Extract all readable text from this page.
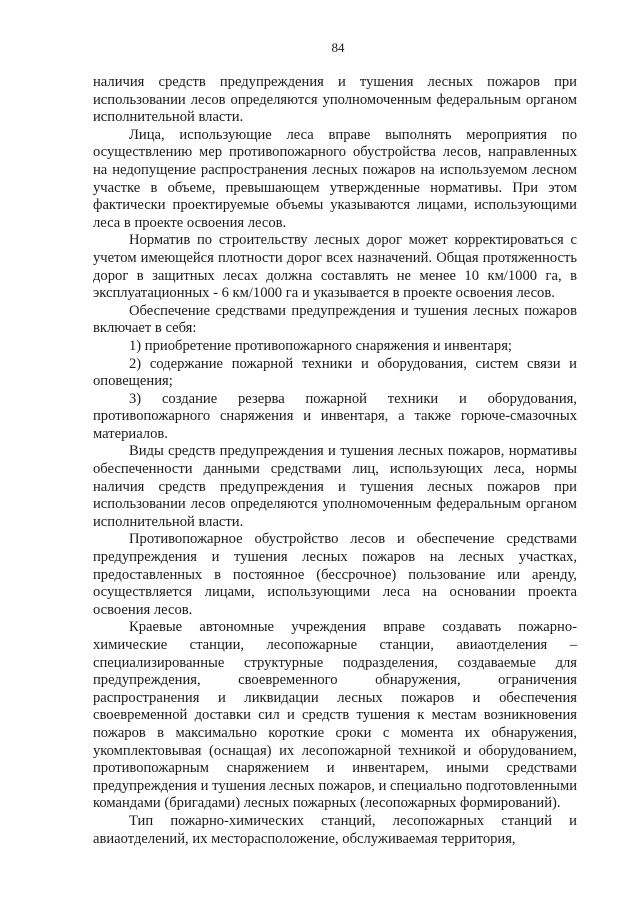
84

наличия средств предупреждения и тушения лесных пожаров при использовании лесов определяются уполномоченным федеральным органом исполнительной власти.

Лица, использующие леса вправе выполнять мероприятия по осуществлению мер противопожарного обустройства лесов, направленных на недопущение распространения лесных пожаров на используемом лесном участке в объеме, превышающем утвержденные нормативы. При этом фактически проектируемые объемы указываются лицами, использующими леса в проекте освоения лесов.

Норматив по строительству лесных дорог может корректироваться с учетом имеющейся плотности дорог всех назначений. Общая протяженность дорог в защитных лесах должна составлять не менее 10 км/1000 га, в эксплуатационных - 6 км/1000 га и указывается в проекте освоения лесов.

Обеспечение средствами предупреждения и тушения лесных пожаров включает в себя:

1) приобретение противопожарного снаряжения и инвентаря;

2) содержание пожарной техники и оборудования, систем связи и оповещения;

3) создание резерва пожарной техники и оборудования, противопожарного снаряжения и инвентаря, а также горюче-смазочных материалов.

Виды средств предупреждения и тушения лесных пожаров, нормативы обеспеченности данными средствами лиц, использующих леса, нормы наличия средств предупреждения и тушения лесных пожаров при использовании лесов определяются уполномоченным федеральным органом исполнительной власти.

Противопожарное обустройство лесов и обеспечение средствами предупреждения и тушения лесных пожаров на лесных участках, предоставленных в постоянное (бессрочное) пользование или аренду, осуществляется лицами, использующими леса на основании проекта освоения лесов.

Краевые автономные учреждения вправе создавать пожарно-химические станции, лесопожарные станции, авиаотделения – специализированные структурные подразделения, создаваемые для предупреждения, своевременного обнаружения, ограничения распространения и ликвидации лесных пожаров и обеспечения своевременной доставки сил и средств тушения к местам возникновения пожаров в максимально короткие сроки с момента их обнаружения, укомплектовывая (оснащая) их лесопожарной техникой и оборудованием, противопожарным снаряжением и инвентарем, иными средствами предупреждения и тушения лесных пожаров, и специально подготовленными командами (бригадами) лесных пожарных (лесопожарных формирований).

Тип пожарно-химических станций, лесопожарных станций и авиаотделений, их месторасположение, обслуживаемая территория,
